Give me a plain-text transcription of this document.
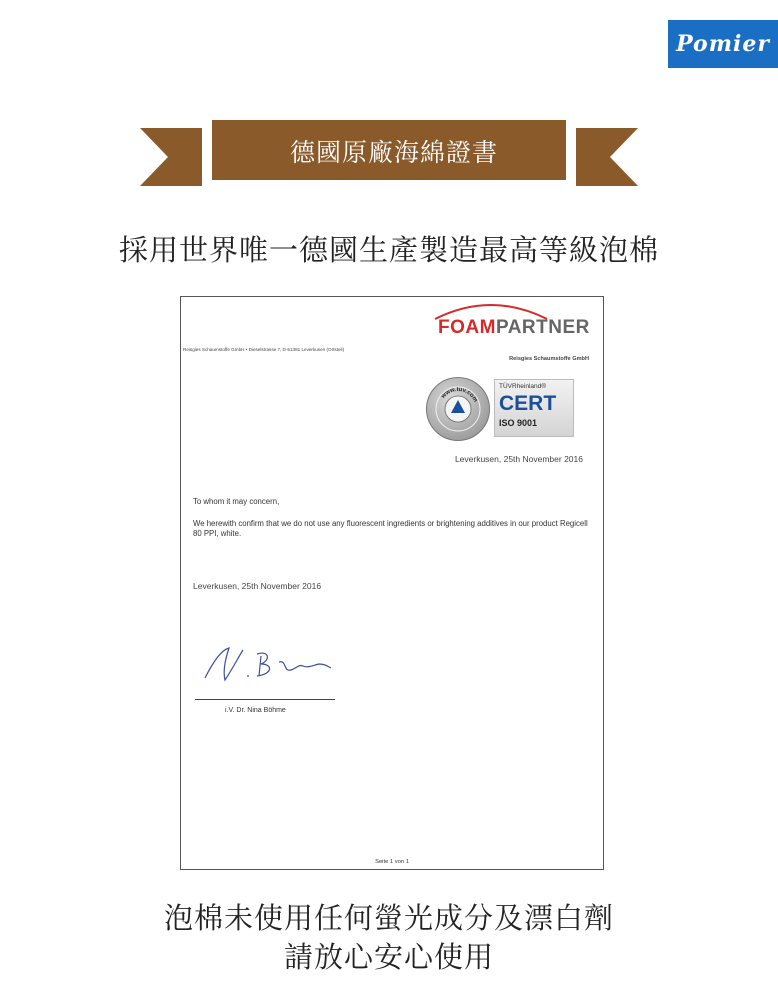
Pomier
德國原廠海綿證書
採用世界唯一德國生產製造最高等級泡棉
FOAMPARTNER
Reisgies Schaumstoffe GmbH • Dieselstrasse 7, D-51381 Leverkusen (Ortsteil)
Reisgies Schaumstoffe GmbH
www.tuv.com
TÜVRheinland®
CERT
ISO 9001
Leverkusen, 25th November 2016
To whom it may concern,
We herewith confirm that we do not use any fluorescent ingredients or brightening additives in our product Regicell 80 PPI, white.
Leverkusen, 25th November 2016
i.V. Dr. Nina Böhme
Seite 1 von 1
泡棉未使用任何螢光成分及漂白劑
請放心安心使用
